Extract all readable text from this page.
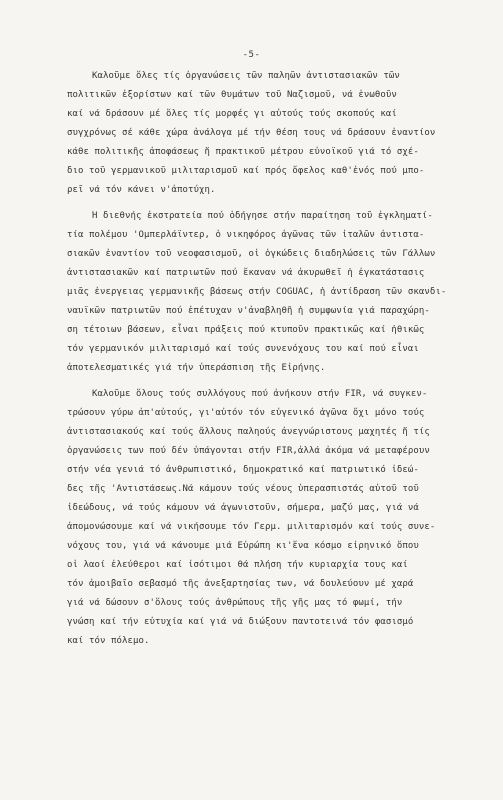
-5-
Καλοῦμε ὅλες τίς ὀργανώσεις τῶν παληῶν ἀντιστασιακῶν τῶν
πολιτικῶν ἐξορίστων καί τῶν θυμάτων τοῦ Ναζισμοῦ, νά ἑνωθοῦν
καί νά δράσουν μέ ὅλες τίς μορφές γι αὐτούς τούς σκοπούς καί
συγχρόνως σέ κάθε χώρα ἀνάλογα μέ τήν θέση τους νά δράσουν ἐναντίον
κάθε πολιτικῆς ἀποφάσεως ἤ πρακτικοῦ μέτρου εὐνοϊκοῦ γιά τό σχέ-
διο τοῦ γερμανικοῦ μιλιταρισμοῦ καί πρός ὄφελος καθ'ἑνός πού μπο-
ρεῖ νά τόν κάνει ν'ἀποτύχη.
Ἡ διεθνής ἐκστρατεία πού ὁδήγησε στήν παραίτηση τοῦ ἐγκληματί-
τία πολέμου 'Ομπερλάϊντερ, ὁ νικηφόρος ἀγῶνας τῶν ἰταλῶν ἀντιστα-
σιακῶν ἐναντίον τοῦ νεοφασισμοῦ, οἱ ὁγκώδεις διαδηλώσεις τῶν Γάλλων
ἀντιστασιακῶν καί πατριωτῶν πού ἔκαναν νά ἀκυρωθεῖ ἡ ἐγκατάστασις
μιᾶς ἐνεργειας γερμανικῆς βάσεως στήν COGUAC, ἡ ἀντίδραση τῶν σκανδι-
ναυϊκῶν πατριωτῶν πού ἐπέτυχαν ν'ἀναβληθῆ ἡ συμφωνία γιά παραχώρη-
ση τέτοιων βάσεων, εἶναι πράξεις πού κτυποῦν πρακτικῶς καί ἠθικῶς
τόν γερμανικόν μιλιταρισμό καί τούς συνενόχους του καί πού εἶναι
ἀποτελεσματικές γιά τήν ὑπεράσπιση τῆς Εἰρήνης.
Καλοῦμε ὅλους τούς συλλόγους πού ἀνήκουν στήν FIR, νά συγκεν-
τρώσουν γύρω ἀπ'αὐτούς, γι'αὐτόν τόν εὐγενικό ἀγῶνα ὄχι μόνο τούς
ἀντιστασιακούς καί τούς ἄλλους παληούς ἀνεγνώριστους μαχητές ἤ τίς
ὀργανώσεις των πού δέν ὑπάγονται στήν FIR,ἀλλά ἀκόμα νά μεταφέρουν
στήν νέα γενιά τό ἀνθρωπιστικό, δημοκρατικό καί πατριωτικό ἰδεώ-
δες τῆς 'Αντιστάσεως.Νά κάμουν τούς νέους ὑπερασπιστάς αὐτοῦ τοῦ
ἰδεώδους, νά τούς κάμουν νά ἀγωνιστοῦν, σήμερα, μαζύ μας, γιά νά
ἀπομονώσουμε καί νά νικήσουμε τόν Γερμ. μιλιταρισμόν καί τούς συνε-
νόχους του, γιά νά κάνουμε μιά Εὐρώπη κι'ἕνα κόσμο εἰρηνικό ὅπου
οἱ λαοί ἐλεύθεροι καί ἰσότιμοι θά πλήση τήν κυριαρχία τους καί
τόν ἀμοιβαῖο σεβασμό τῆς ἀνεξαρτησίας των, νά δουλεύουν μέ χαρά
γιά νά δώσουν σ'ὅλους τούς ἀνθρώπους τῆς γῆς μας τό φωμί, τήν
γνώση καί τήν εὐτυχία καί γιά νά διώξουν παντοτεινά τόν φασισμό
καί τόν πόλεμο.
